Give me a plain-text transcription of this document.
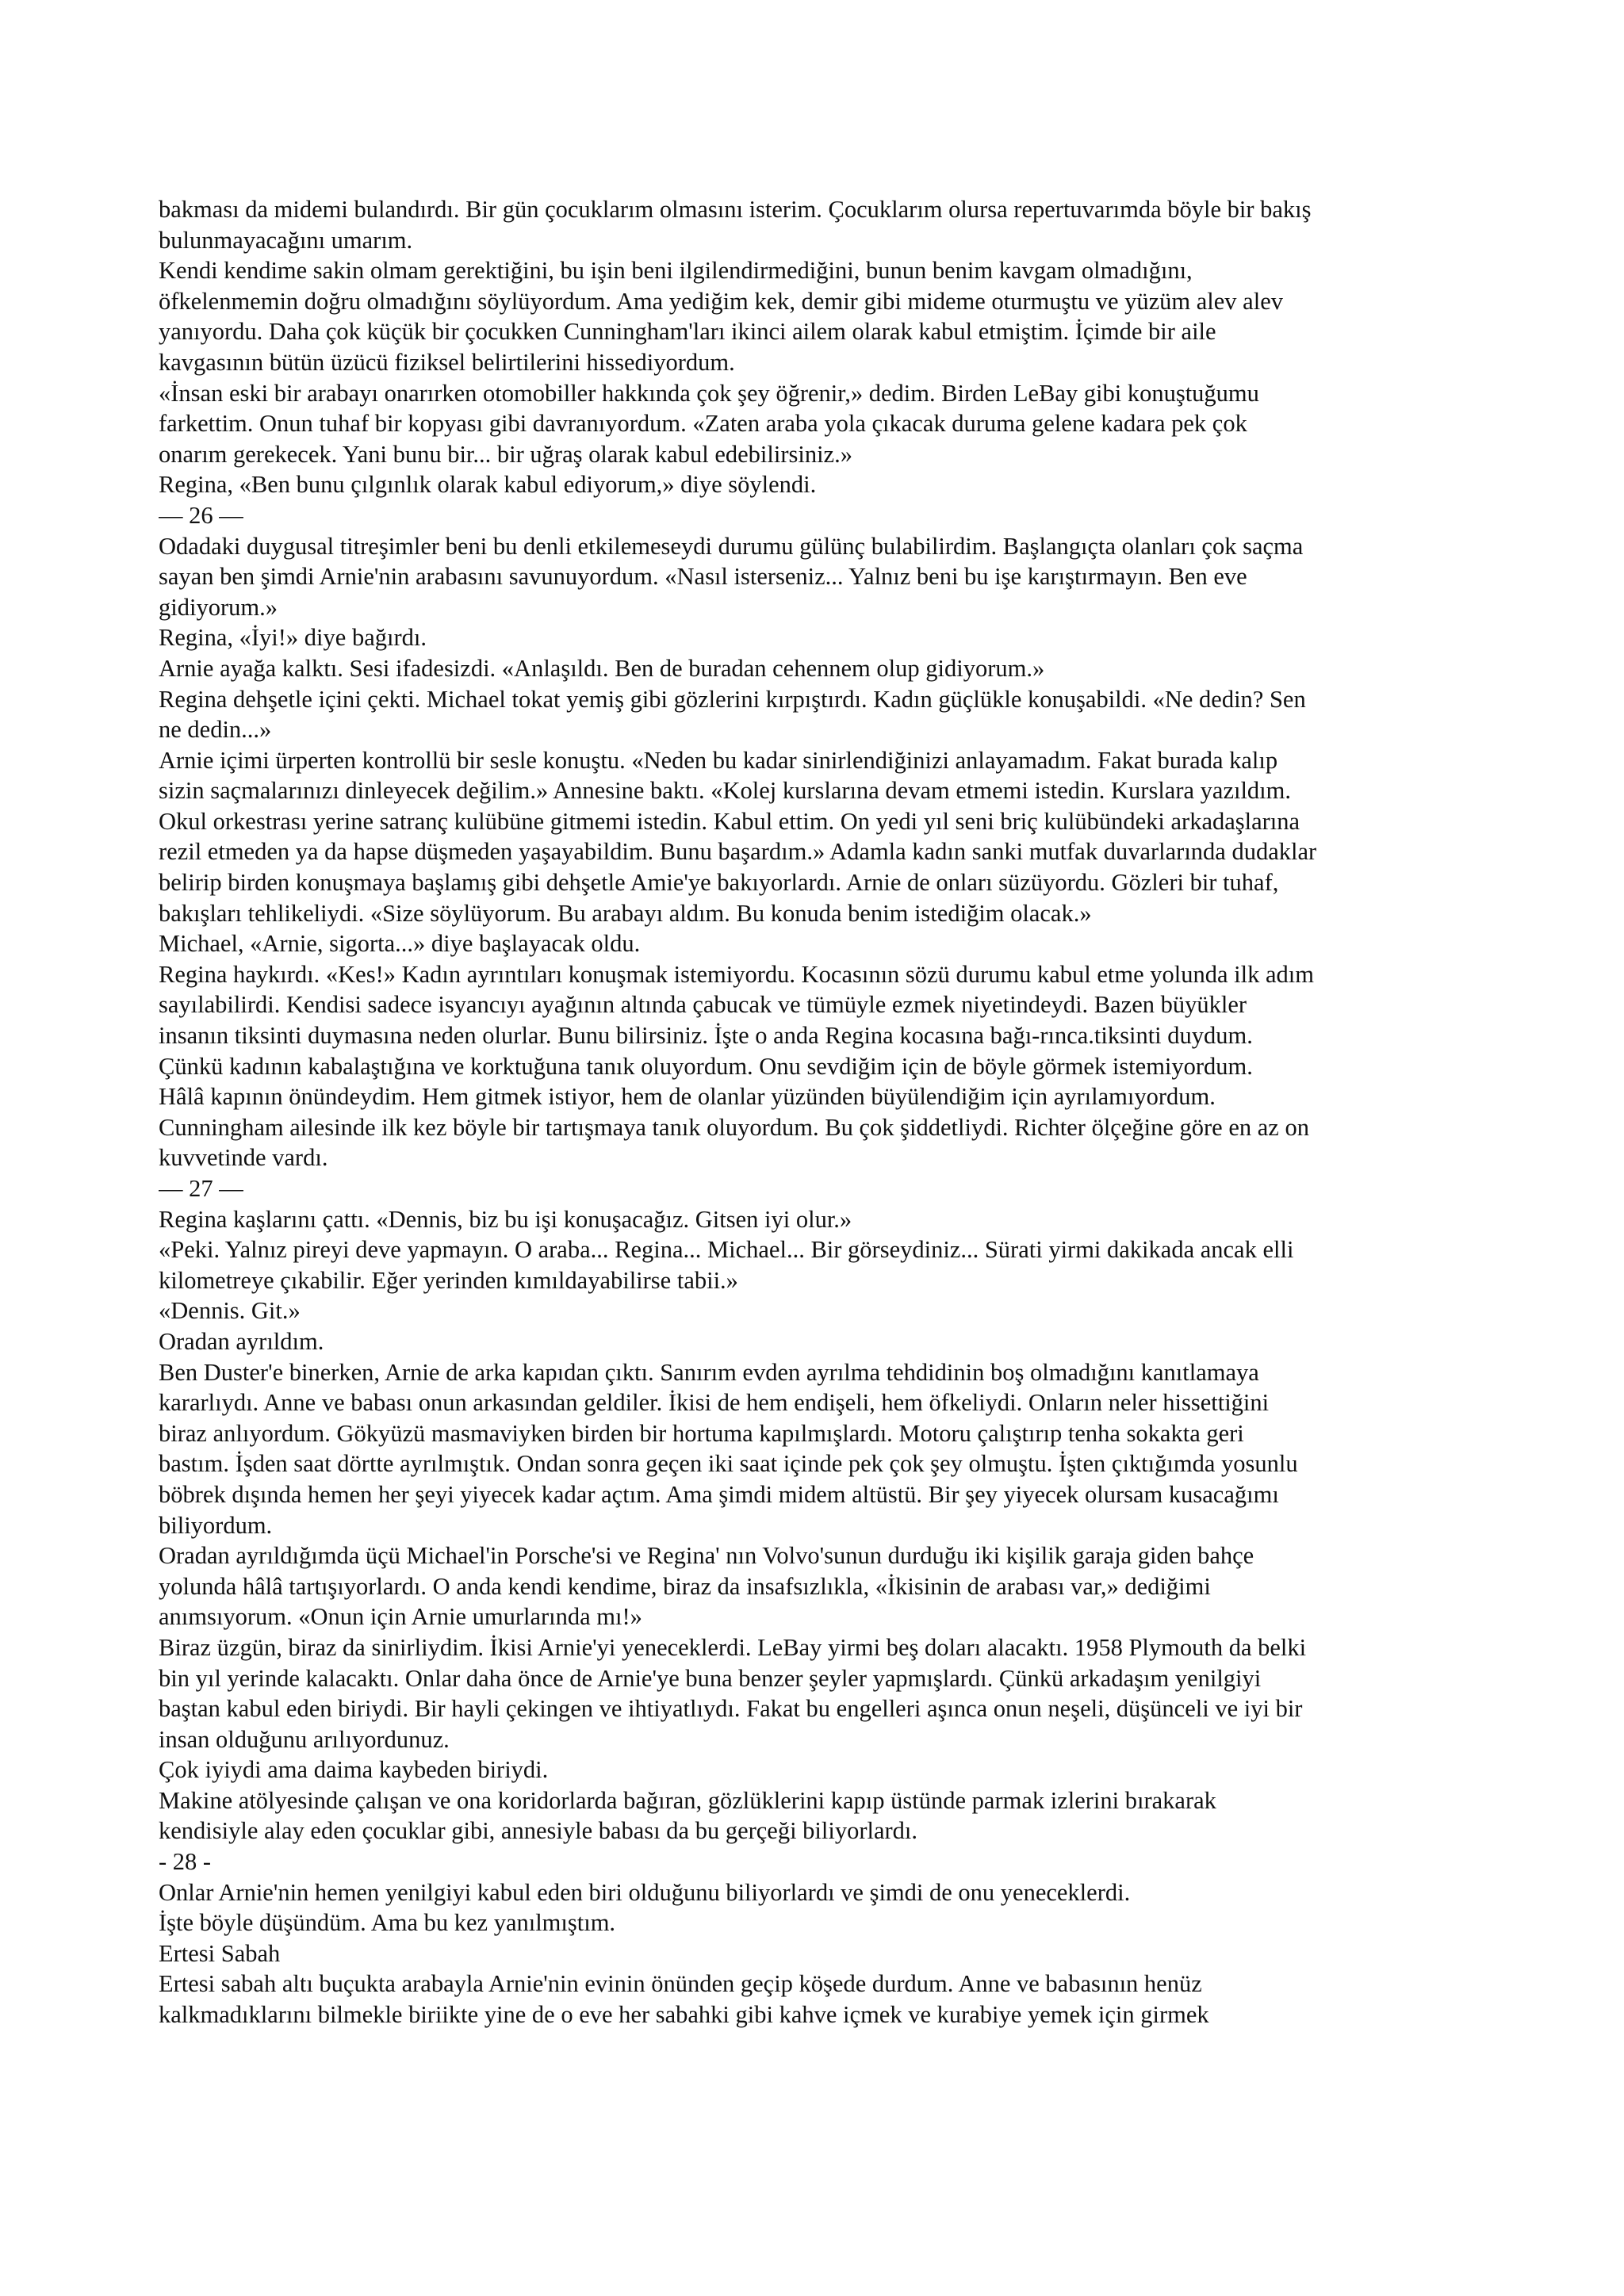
bakması da midemi bulandırdı. Bir gün çocuklarım olmasını isterim. Çocuklarım olursa repertuvarımda böyle bir bakış

bulunmayacağını umarım.

Kendi kendime sakin olmam gerektiğini, bu işin beni ilgilendirmediğini, bunun benim kavgam olmadığını,

öfkelenmemin doğru olmadığını söylüyordum. Ama yediğim kek, demir gibi mideme oturmuştu ve yüzüm alev alev

yanıyordu. Daha çok küçük bir çocukken Cunningham'ları ikinci ailem olarak kabul etmiştim. İçimde bir aile

kavgasının bütün üzücü fiziksel belirtilerini hissediyordum.

«İnsan eski bir arabayı onarırken otomobiller hakkında çok şey öğrenir,» dedim. Birden LeBay gibi konuştuğumu

farkettim. Onun tuhaf bir kopyası gibi davranıyordum. «Zaten araba yola çıkacak duruma gelene kadara pek çok

onarım gerekecek. Yani bunu bir... bir uğraş olarak kabul edebilirsiniz.»

Regina, «Ben bunu çılgınlık olarak kabul ediyorum,» diye söylendi.

— 26 —

Odadaki duygusal titreşimler beni bu denli etkilemeseydi durumu gülünç bulabilirdim. Başlangıçta olanları çok saçma

sayan ben şimdi Arnie'nin arabasını savunuyordum. «Nasıl isterseniz... Yalnız beni bu işe karıştırmayın. Ben eve

gidiyorum.»

Regina, «İyi!» diye bağırdı.

Arnie ayağa kalktı. Sesi ifadesizdi. «Anlaşıldı. Ben de buradan cehennem olup gidiyorum.»

Regina dehşetle içini çekti. Michael tokat yemiş gibi gözlerini kırpıştırdı. Kadın güçlükle konuşabildi. «Ne dedin? Sen

ne dedin...»

Arnie içimi ürperten kontrollü bir sesle konuştu. «Neden bu kadar sinirlendiğinizi anlayamadım. Fakat burada kalıp

sizin saçmalarınızı dinleyecek değilim.» Annesine baktı. «Kolej kurslarına devam etmemi istedin. Kurslara yazıldım.

Okul orkestrası yerine satranç kulübüne gitmemi istedin. Kabul ettim. On yedi yıl seni briç kulübündeki arkadaşlarına

rezil etmeden ya da hapse düşmeden yaşayabildim. Bunu başardım.» Adamla kadın sanki mutfak duvarlarında dudaklar

belirip birden konuşmaya başlamış gibi dehşetle Amie'ye bakıyorlardı. Arnie de onları süzüyordu. Gözleri bir tuhaf,

bakışları tehlikeliydi. «Size söylüyorum. Bu arabayı aldım. Bu konuda benim istediğim olacak.»

Michael, «Arnie, sigorta...» diye başlayacak oldu.

Regina haykırdı. «Kes!» Kadın ayrıntıları konuşmak istemiyordu. Kocasının sözü durumu kabul etme yolunda ilk adım

sayılabilirdi. Kendisi sadece isyancıyı ayağının altında çabucak ve tümüyle ezmek niyetindeydi. Bazen büyükler

insanın tiksinti duymasına neden olurlar. Bunu bilirsiniz. İşte o anda Regina kocasına bağı-rınca.tiksinti duydum.

Çünkü kadının kabalaştığına ve korktuğuna tanık oluyordum. Onu sevdiğim için de böyle görmek istemiyordum.

Hâlâ kapının önündeydim. Hem gitmek istiyor, hem de olanlar yüzünden büyülendiğim için ayrılamıyordum.

Cunningham ailesinde ilk kez böyle bir tartışmaya tanık oluyordum. Bu çok şiddetliydi. Richter ölçeğine göre en az on

kuvvetinde vardı.

— 27 —

Regina kaşlarını çattı. «Dennis, biz bu işi konuşacağız. Gitsen iyi olur.»

«Peki. Yalnız pireyi deve yapmayın. O araba... Regina... Michael... Bir görseydiniz... Sürati yirmi dakikada ancak elli

kilometreye çıkabilir. Eğer yerinden kımıldayabilirse tabii.»

«Dennis. Git.»

Oradan ayrıldım.

Ben Duster'e binerken, Arnie de arka kapıdan çıktı. Sanırım evden ayrılma tehdidinin boş olmadığını kanıtlamaya

kararlıydı. Anne ve babası onun arkasından geldiler. İkisi de hem endişeli, hem öfkeliydi. Onların neler hissettiğini

biraz anlıyordum. Gökyüzü masmaviyken birden bir hortuma kapılmışlardı. Motoru çalıştırıp tenha sokakta geri

bastım. İşden saat dörtte ayrılmıştık. Ondan sonra geçen iki saat içinde pek çok şey olmuştu. İşten çıktığımda yosunlu

böbrek dışında hemen her şeyi yiyecek kadar açtım. Ama şimdi midem altüstü. Bir şey yiyecek olursam kusacağımı

biliyordum.

Oradan ayrıldığımda üçü Michael'in Porsche'si ve Regina' nın Volvo'sunun durduğu iki kişilik garaja giden bahçe

yolunda hâlâ tartışıyorlardı. O anda kendi kendime, biraz da insafsızlıkla, «İkisinin de arabası var,» dediğimi

anımsıyorum. «Onun için Arnie umurlarında mı!»

Biraz üzgün, biraz da sinirliydim. İkisi Arnie'yi yeneceklerdi. LeBay yirmi beş doları alacaktı. 1958 Plymouth da belki

bin yıl yerinde kalacaktı. Onlar daha önce de Arnie'ye buna benzer şeyler yapmışlardı. Çünkü arkadaşım yenilgiyi

baştan kabul eden biriydi. Bir hayli çekingen ve ihtiyatlıydı. Fakat bu engelleri aşınca onun neşeli, düşünceli ve iyi bir

insan olduğunu arılıyordunuz.

Çok iyiydi ama daima kaybeden biriydi.

Makine atölyesinde çalışan ve ona koridorlarda bağıran, gözlüklerini kapıp üstünde parmak izlerini bırakarak

kendisiyle alay eden çocuklar gibi, annesiyle babası da bu gerçeği biliyorlardı.

- 28 -

Onlar Arnie'nin hemen yenilgiyi kabul eden biri olduğunu biliyorlardı ve şimdi de onu yeneceklerdi.

İşte böyle düşündüm. Ama bu kez yanılmıştım.

Ertesi Sabah

Ertesi sabah altı buçukta arabayla Arnie'nin evinin önünden geçip köşede durdum. Anne ve babasının henüz

kalkmadıklarını bilmekle biriikte yine de o eve her sabahki gibi kahve içmek ve kurabiye yemek için girmek
